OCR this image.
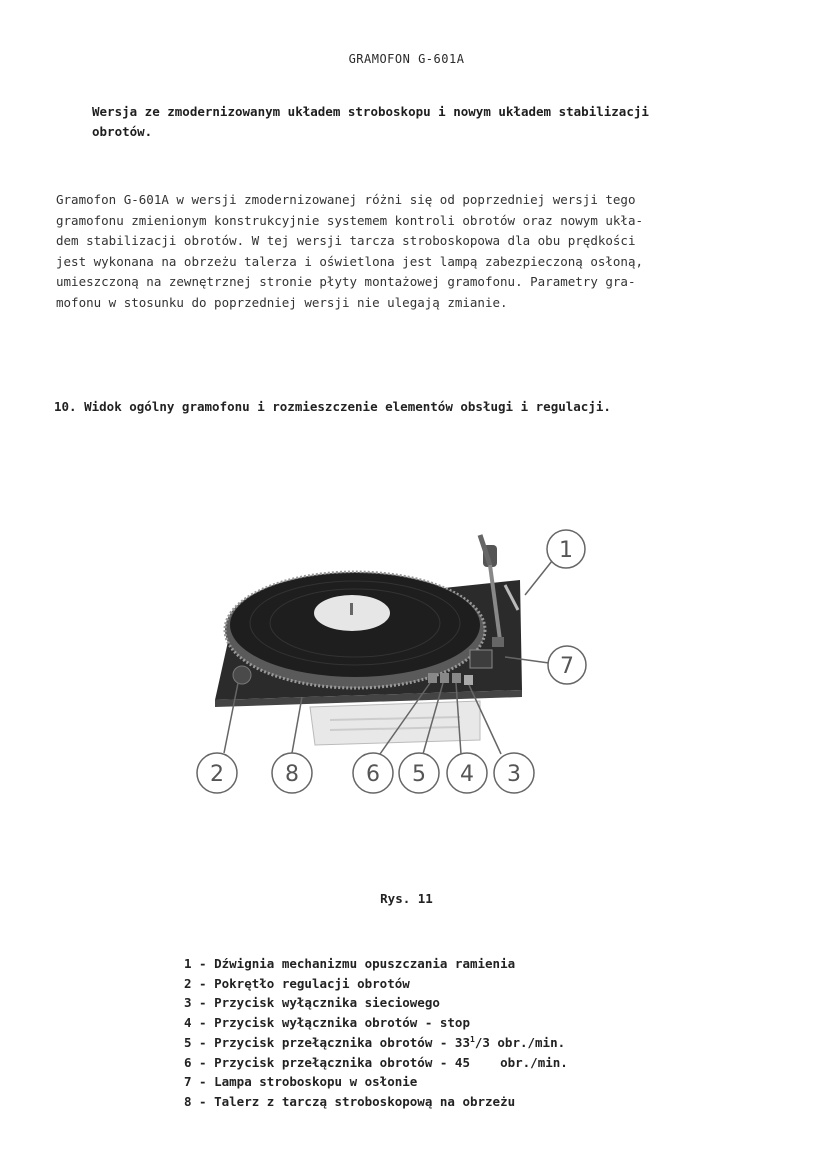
GRAMOFON G-601A
Wersja ze zmodernizowanym układem stroboskopu i nowym układem stabilizacji
obrotów.
Gramofon G-601A w wersji zmodernizowanej różni się od poprzedniej wersji tego
gramofonu zmienionym konstrukcyjnie systemem kontroli obrotów oraz nowym ukła-
dem stabilizacji obrotów. W tej wersji tarcza stroboskopowa dla obu prędkości
jest wykonana na obrzeżu talerza i oświetlona jest lampą zabezpieczoną osłoną,
umieszczoną na zewnętrznej stronie płyty montażowej gramofonu. Parametry gra-
mofonu w stosunku do poprzedniej wersji nie ulegają zmianie.
10. Widok ogólny gramofonu i rozmieszczenie elementów obsługi i regulacji.
1
7
2	8	6 5 4 3
Rys. 11
1 - Dźwignia mechanizmu opuszczania ramienia
2 - Pokrętło regulacji obrotów
3 - Przycisk wyłącznika sieciowego
4 - Przycisk wyłącznika obrotów - stop
5 - Przycisk przełącznika obrotów - $33^1/3$ obr./min.
6 - Przycisk przełącznika obrotów - 45    obr./min.
7 - Lampa stroboskopu w osłonie
8 - Talerz z tarczą stroboskopową na obrzeżu
